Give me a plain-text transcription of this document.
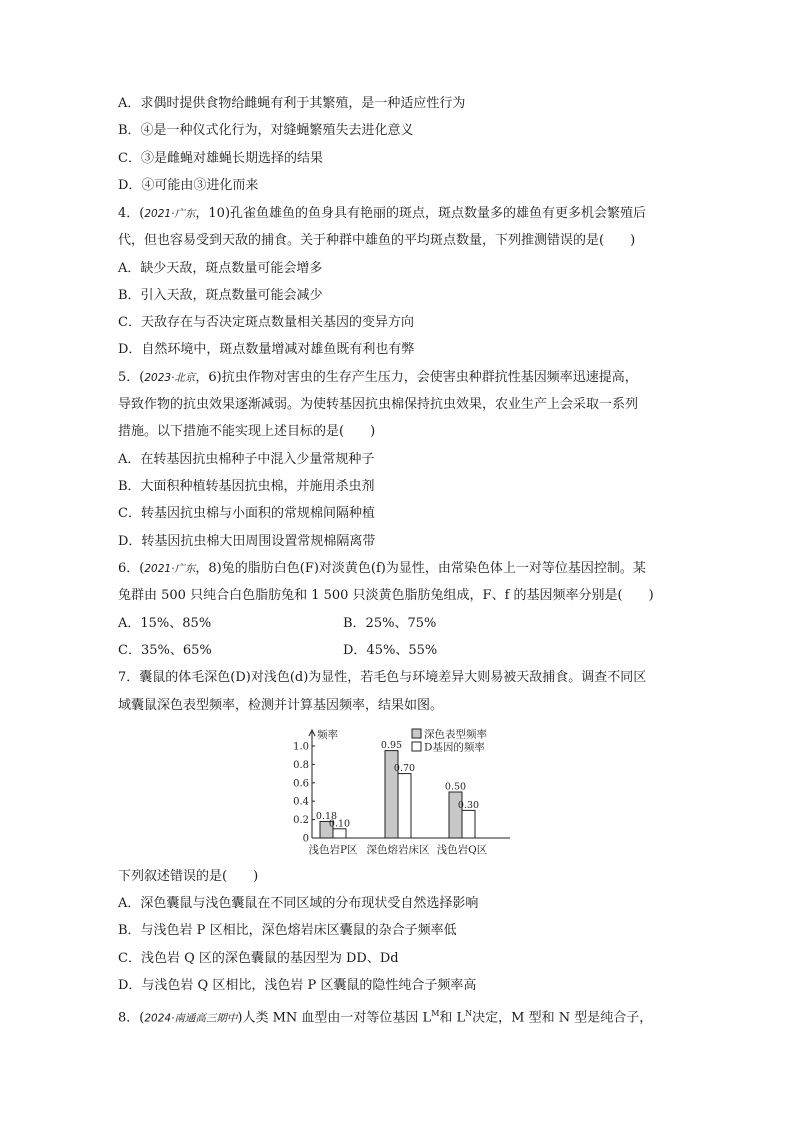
A．求偶时提供食物给雌蝇有利于其繁殖，是一种适应性行为
B．④是一种仪式化行为，对缝蝇繁殖失去进化意义
C．③是雌蝇对雄蝇长期选择的结果
D．④可能由③进化而来
4．(2021·广东，10)孔雀鱼雄鱼的鱼身具有艳丽的斑点，斑点数量多的雄鱼有更多机会繁殖后
代，但也容易受到天敌的捕食。关于种群中雄鱼的平均斑点数量，下列推测错误的是(　　)
A．缺少天敌，斑点数量可能会增多
B．引入天敌，斑点数量可能会减少
C．天敌存在与否决定斑点数量相关基因的变异方向
D．自然环境中，斑点数量增减对雄鱼既有利也有弊
5．(2023·北京，6)抗虫作物对害虫的生存产生压力，会使害虫种群抗性基因频率迅速提高，
导致作物的抗虫效果逐渐减弱。为使转基因抗虫棉保持抗虫效果，农业生产上会采取一系列
措施。以下措施不能实现上述目标的是(　　)
A．在转基因抗虫棉种子中混入少量常规种子
B．大面积种植转基因抗虫棉，并施用杀虫剂
C．转基因抗虫棉与小面积的常规棉间隔种植
D．转基因抗虫棉大田周围设置常规棉隔离带
6．(2021·广东，8)兔的脂肪白色(F)对淡黄色(f)为显性，由常染色体上一对等位基因控制。某
兔群由 500 只纯合白色脂肪兔和 1 500 只淡黄色脂肪兔组成，F、f 的基因频率分别是(　　)
A．15%、85%	B．25%、75%
C．35%、65%	D．45%、55%
7．囊鼠的体毛深色(D)对浅色(d)为显性，若毛色与环境差异大则易被天敌捕食。调查不同区
域囊鼠深色表型频率，检测并计算基因频率，结果如图。
0
0.2
0.4
0.6
0.8
1.0
频率
0.18
0.10
浅色岩P区
0.95
0.70
深色熔岩床区
0.50
0.30
浅色岩Q区
深色表型频率
D基因的频率
下列叙述错误的是(　　)
A．深色囊鼠与浅色囊鼠在不同区域的分布现状受自然选择影响
B．与浅色岩 P 区相比，深色熔岩床区囊鼠的杂合子频率低
C．浅色岩 Q 区的深色囊鼠的基因型为 DD、Dd
D．与浅色岩 Q 区相比，浅色岩 P 区囊鼠的隐性纯合子频率高
8．(2024·南通高三期中)人类 MN 血型由一对等位基因 $L^M$和 $L^N$决定，M 型和 N 型是纯合子，
